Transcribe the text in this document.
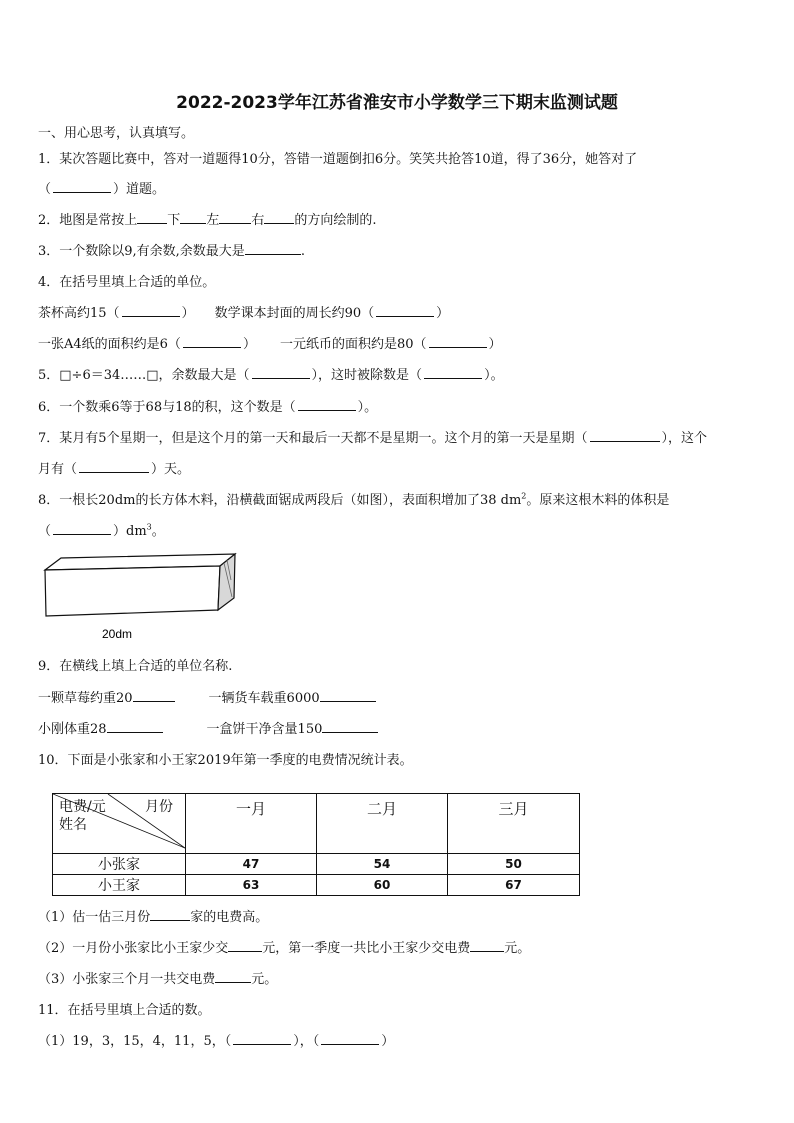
2022-2023学年江苏省淮安市小学数学三下期末监测试题
一、用心思考，认真填写。
1．某次答题比赛中，答对一道题得10分，答错一道题倒扣6分。笑笑共抢答10道，得了36分，她答对了
（	）道题。
2．地图是常按上 下 左 右 的方向绘制的.
3．一个数除以9,有余数,余数最大是	.
4．在括号里填上合适的单位。
茶杯高约15（	） 数学课本封面的周长约90（	）
一张A4纸的面积约是6（	） 一元纸币的面积约是80（	）
5．□÷6＝34……□，余数最大是（	），这时被除数是（	）。
6．一个数乘6等于68与18的积，这个数是（	）。
7．某月有5个星期一，但是这个月的第一天和最后一天都不是星期一。这个月的第一天是星期（	），这个
月有（	）天。
8．一根长20dm的长方体木料，沿横截面锯成两段后（如图），表面积增加了38 $dm^2$。原来这根木料的体积是
（	）$dm^3$。
20dm
9．在横线上填上合适的单位名称.
一颗草莓约重20	一辆货车载重6000
小刚体重28	一盒饼干净含量150
10．下面是小张家和小王家2019年第一季度的电费情况统计表。
电费/元 月份
姓名	一月	二月	三月
小张家	47	54	50
小王家	63	60	67
（1）估一估三月份	家的电费高。
（2）一月份小张家比小王家少交	元，第一季度一共比小王家少交电费	元。
（3）小张家三个月一共交电费	元。
11．在括号里填上合适的数。
（1）19，3，15，4，11，5，（	），（	）
